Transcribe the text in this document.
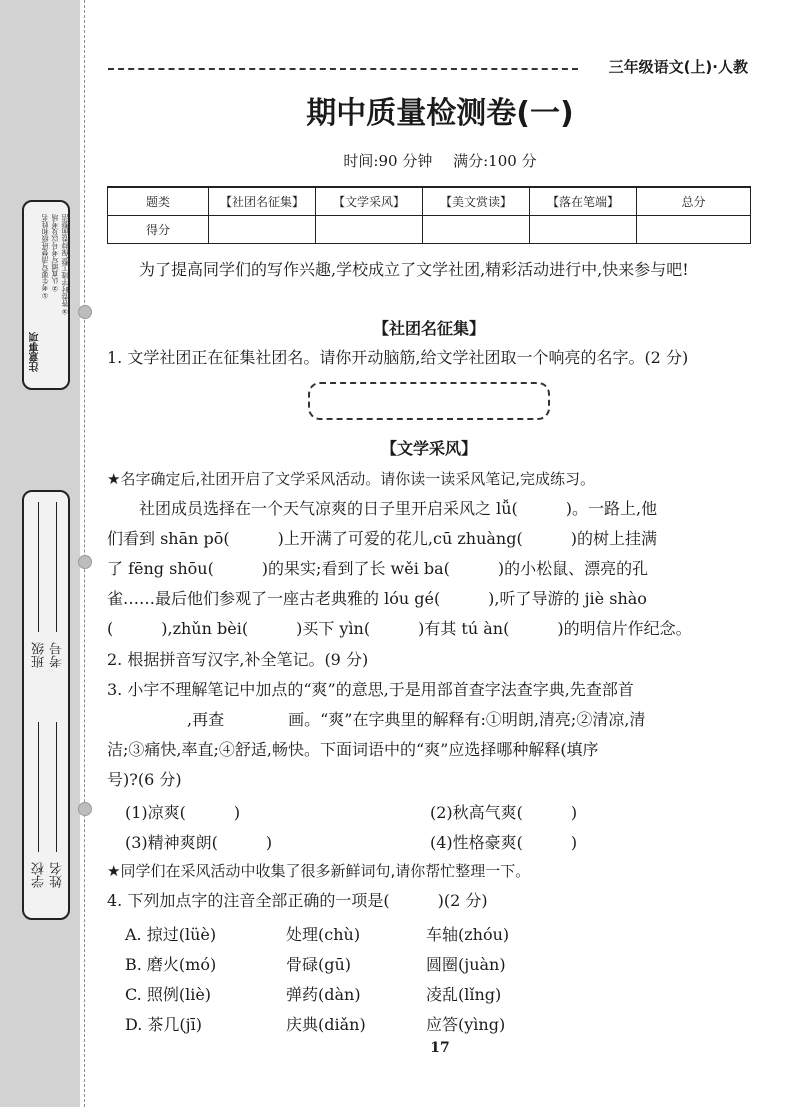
注意事项
①考生要写清楚班级和姓名 ②认真填写考号以及考场 ③答卷时字迹工整,保持卷面整洁
班级 考号
学校 姓名
三年级语文(上)·人教
期中质量检测卷(一)
时间:90 分钟 满分:100 分
题类	【社团名征集】	【文学采风】	【美文赏读】	【落在笔端】	总分
得分					
为了提高同学们的写作兴趣,学校成立了文学社团,精彩活动进行中,快来参与吧!
【社团名征集】
1. 文学社团正在征集社团名。请你开动脑筋,给文学社团取一个响亮的名字。(2 分)
【文学采风】
★名字确定后,社团开启了文学采风活动。请你读一读采风笔记,完成练习。
社团成员选择在一个天气凉爽的日子里开启采风之 lǚ(　　　)。一路上,他
们看到 shān pō(　　　)上开满了可爱的花儿,cū zhuàng(　　　)的树上挂满
了 fēng shōu(　　　)的果实;看到了长 wěi ba(　　　)的小松鼠、漂亮的孔
雀……最后他们参观了一座古老典雅的 lóu gé(　　　),听了导游的 jiè shào
(　　　),zhǔn bèi(　　　)买下 yìn(　　　)有其 tú àn(　　　)的明信片作纪念。
2. 根据拼音写汉字,补全笔记。(9 分)
3. 小宇不理解笔记中加点的“爽”的意思,于是用部首查字法查字典,先查部首
　　　　　,再查　　　　画。“爽”在字典里的解释有:①明朗,清亮;②清凉,清
洁;③痛快,率直;④舒适,畅快。下面词语中的“爽”应选择哪种解释(填序
号)?(6 分)
(1)凉爽(　　　)	(2)秋高气爽(　　　)
(3)精神爽朗(　　　)	(4)性格豪爽(　　　)
★同学们在采风活动中收集了很多新鲜词句,请你帮忙整理一下。
4. 下列加点字的注音全部正确的一项是(　　　)(2 分)
A. 掠过(lüè)	处理(chù)	车轴(zhóu)
B. 磨火(mó)	骨碌(gū)	圆圈(juàn)
C. 照例(liè)	弹药(dàn)	凌乱(lǐng)
D. 茶几(jī)	庆典(diǎn)	应答(yìng)
17
